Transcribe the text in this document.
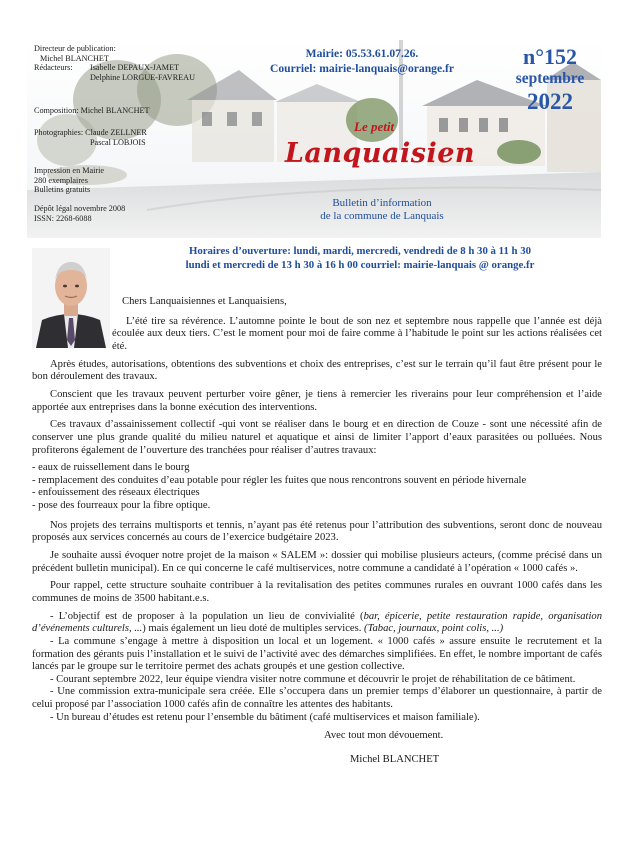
Directeur de publication:
Michel BLANCHET
Rédacteurs: Isabelle DEPAUX-JAMET
Delphine LORGUE-FAVREAU
Composition: Michel BLANCHET
Photographies: Claude ZELLNER
Pascal LOBJOIS
Impression en Mairie
280 exemplaires
Bulletins gratuits
Dépôt légal novembre 2008
ISSN: 2268-6088
Mairie: 05.53.61.07.26.
Courriel: mairie-lanquais@orange.fr	n°152
septembre
2022
Le petit
Lanquaisien
Bulletin d’information
de la commune de Lanquais
Horaires d’ouverture: lundi, mardi, mercredi, vendredi de 8 h 30 à 11 h 30
lundi et mercredi de 13 h 30 à 16 h 00 courriel: mairie-lanquais @ orange.fr

Chers Lanquaisiennes et Lanquaisiens,

L’été tire sa révérence. L’automne pointe le bout de son nez et septembre nous rappelle que l’année est déjà écoulée aux deux tiers. C’est le moment pour moi de faire comme à l’habitude le point sur les actions réalisées cet été.

Après études, autorisations, obtentions des subventions et choix des entreprises, c’est sur le terrain qu’il faut être présent pour le bon déroulement des travaux.

Conscient que les travaux peuvent perturber voire gêner, je tiens à remercier les riverains pour leur compréhension et l’aide apportée aux entreprises dans la bonne exécution des interventions.

Ces travaux d’assainissement collectif -qui vont se réaliser dans le bourg et en direction de Couze - sont une nécessité afin de conserver une plus grande qualité du milieu naturel et aquatique et ainsi de limiter l’apport d’eaux parasitées ou polluées. Nous profiterons également de l’ouverture des tranchées pour réaliser d’autres travaux:

- eaux de ruissellement dans le bourg

- remplacement des conduites d’eau potable pour régler les fuites que nous rencontrons souvent en période hivernale

- enfouissement des réseaux électriques

- pose des fourreaux pour la fibre optique.

Nos projets des terrains multisports et tennis, n’ayant pas été retenus pour l’attribution des subventions, seront donc de nouveau proposés aux services concernés au cours de l’exercice budgétaire 2023.

Je souhaite aussi évoquer notre projet de la maison « SALEM »: dossier qui mobilise plusieurs acteurs, (comme précisé dans un précédent bulletin municipal). En ce qui concerne le café multiservices, notre commune a candidaté à l’opération « 1000 cafés ».

Pour rappel, cette structure souhaite contribuer à la revitalisation des petites communes rurales en ouvrant 1000 cafés dans les communes de moins de 3500 habitant.e.s.

- L’objectif est de proposer à la population un lieu de convivialité (bar, épicerie, petite restauration rapide, organisation d’événements culturels, ...) mais également un lieu doté de multiples services. (Tabac, journaux, point colis, ...)

- La commune s’engage à mettre à disposition un local et un logement. « 1000 cafés » assure ensuite le recrutement et la formation des gérants puis l’installation et le suivi de l’activité avec des démarches simplifiées. En effet, le nombre important de cafés lancés par le groupe sur le territoire permet des achats groupés et une gestion collective.

- Courant septembre 2022, leur équipe viendra visiter notre commune et découvrir le projet de réhabilitation de ce bâtiment.

- Une commission extra-municipale sera créée. Elle s’occupera dans un premier temps d’élaborer un questionnaire, à partir de celui proposé par l’association 1000 cafés afin de connaître les attentes des habitants.

- Un bureau d’études est retenu pour l’ensemble du bâtiment (café multiservices et maison familiale).

Avec tout mon dévouement.

Michel BLANCHET
